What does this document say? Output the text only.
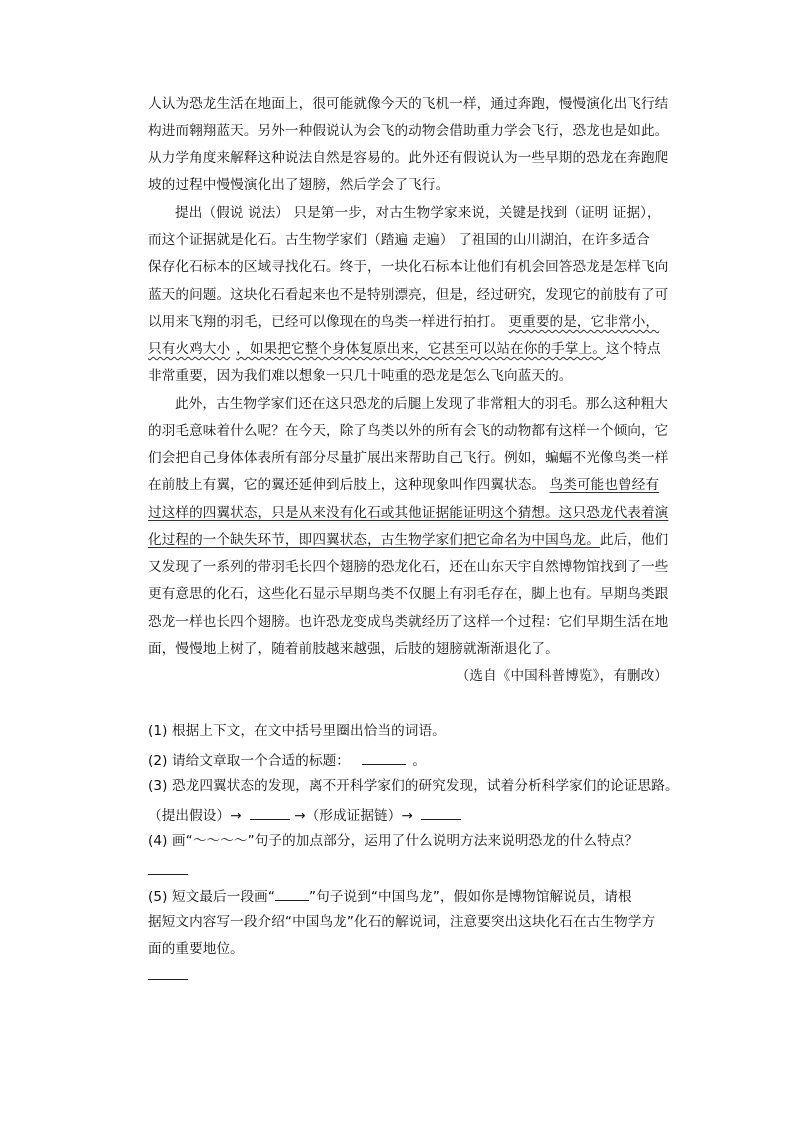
人认为恐龙生活在地面上，很可能就像今天的飞机一样，通过奔跑，慢慢演化出飞行结
构进而翱翔蓝天。另外一种假说认为会飞的动物会借助重力学会飞行，恐龙也是如此。
从力学角度来解释这种说法自然是容易的。此外还有假说认为一些早期的恐龙在奔跑爬
坡的过程中慢慢演化出了翅膀，然后学会了飞行。
提出（假说 说法） 只是第一步，对古生物学家来说，关键是找到（证明 证据），
而这个证据就是化石。古生物学家们（踏遍 走遍） 了祖国的山川湖泊，在许多适合
保存化石标本的区域寻找化石。终于，一块化石标本让他们有机会回答恐龙是怎样飞向
蓝天的问题。这块化石看起来也不是特别漂亮，但是，经过研究，发现它的前肢有了可
以用来飞翔的羽毛，已经可以像现在的鸟类一样进行拍打。 更重要的是，它非常小，
只有火鸡大小 ，如果把它整个身体复原出来，它甚至可以站在你的手掌上。这个特点
非常重要，因为我们难以想象一只几十吨重的恐龙是怎么飞向蓝天的。
此外，古生物学家们还在这只恐龙的后腿上发现了非常粗大的羽毛。那么这种粗大
的羽毛意味着什么呢？在今天，除了鸟类以外的所有会飞的动物都有这样一个倾向，它
们会把自己身体体表所有部分尽量扩展出来帮助自己飞行。例如，蝙蝠不光像鸟类一样
在前肢上有翼，它的翼还延伸到后肢上，这种现象叫作四翼状态。 鸟类可能也曾经有
过这样的四翼状态，只是从来没有化石或其他证据能证明这个猜想。这只恐龙代表着演
化过程的一个缺失环节，即四翼状态，古生物学家们把它命名为中国鸟龙。此后，他们
又发现了一系列的带羽毛长四个翅膀的恐龙化石，还在山东天宇自然博物馆找到了一些
更有意思的化石，这些化石显示早期鸟类不仅腿上有羽毛存在，脚上也有。早期鸟类跟
恐龙一样也长四个翅膀。也许恐龙变成鸟类就经历了这样一个过程：它们早期生活在地
面，慢慢地上树了，随着前肢越来越强，后肢的翅膀就渐渐退化了。
（选自《中国科普博览》，有删改）
(1) 根据上下文，在文中括号里圈出恰当的词语。
(2) 请给文章取一个合适的标题：	。
(3) 恐龙四翼状态的发现，离不开科学家们的研究发现，试着分析科学家们的论证思路。
（提出假设）→	→（形成证据链）→
(4) 画“～～～～”句子的加点部分，运用了什么说明方法来说明恐龙的什么特点？
(5) 短文最后一段画“	”句子说到“中国鸟龙”，假如你是博物馆解说员，请根
据短文内容写一段介绍“中国鸟龙”化石的解说词，注意要突出这块化石在古生物学方
面的重要地位。
